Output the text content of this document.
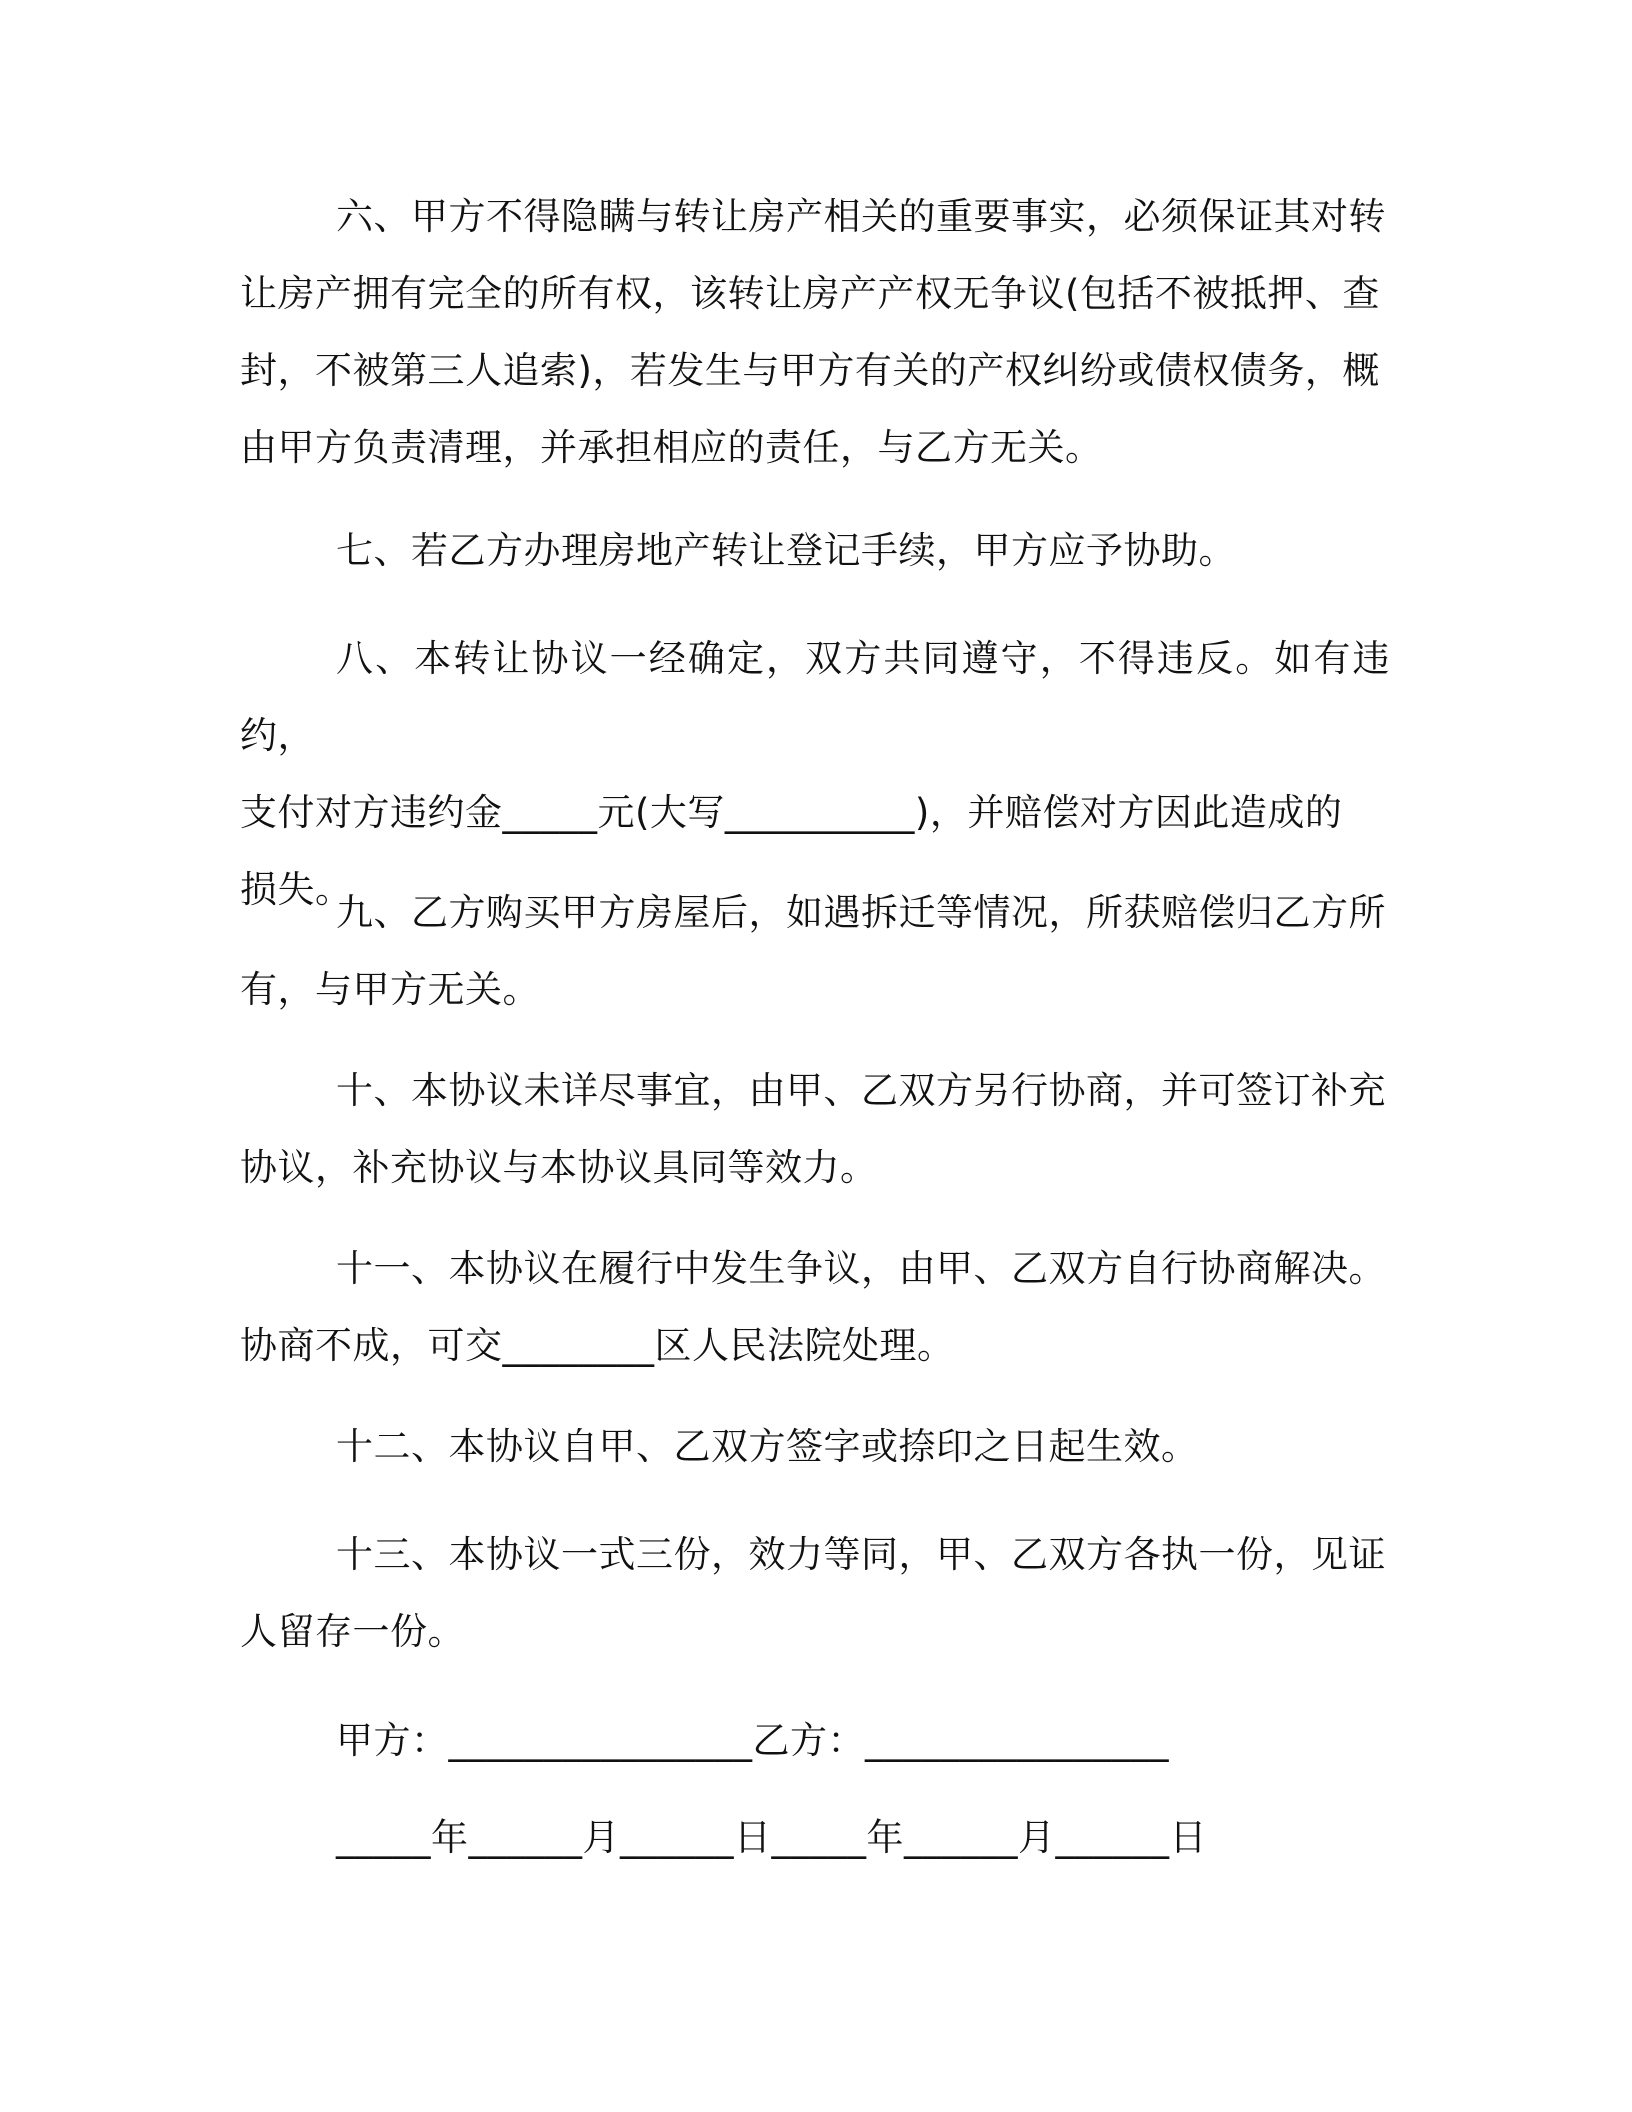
六、甲方不得隐瞒与转让房产相关的重要事实，必须保证其对转
让房产拥有完全的所有权，该转让房产产权无争议(包括不被抵押、查
封，不被第三人追索)，若发生与甲方有关的产权纠纷或债权债务，概
由甲方负责清理，并承担相应的责任，与乙方无关。
七、若乙方办理房地产转让登记手续，甲方应予协助。
八、本转让协议一经确定，双方共同遵守，不得违反。如有违约，
支付对方违约金_____元(大写__________)，并赔偿对方因此造成的
损失。
九、乙方购买甲方房屋后，如遇拆迁等情况，所获赔偿归乙方所
有，与甲方无关。
十、本协议未详尽事宜，由甲、乙双方另行协商，并可签订补充
协议，补充协议与本协议具同等效力。
十一、本协议在履行中发生争议，由甲、乙双方自行协商解决。
协商不成，可交________区人民法院处理。
十二、本协议自甲、乙双方签字或捺印之日起生效。
十三、本协议一式三份，效力等同，甲、乙双方各执一份，见证
人留存一份。
甲方：________________乙方：________________
_____年______月______日_____年______月______日
